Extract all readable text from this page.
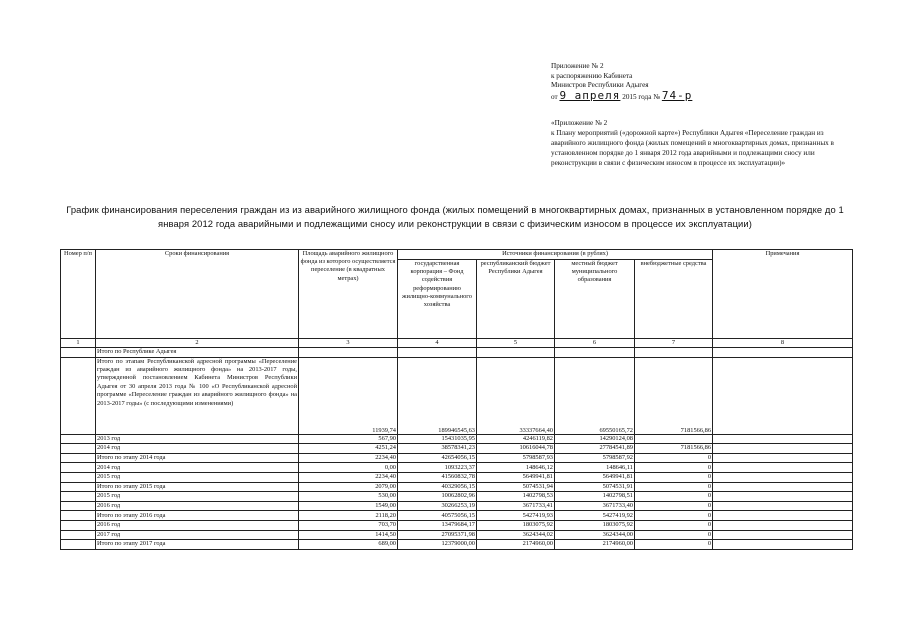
Приложение № 2
к распоряжению Кабинета
Министров Республики Адыгея
от 9 апреля 2015 года № 74-р
«Приложение № 2
к Плану мероприятий («дорожной карте») Республики Адыгея «Переселение граждан из аварийного жилищного фонда (жилых помещений в многоквартирных домах, признанных в установленном порядке до 1 января 2012 года аварийными и подлежащими сносу или реконструкции в связи с физическим износом в процессе их эксплуатации)»
График финансирования переселения граждан из из аварийного жилищного фонда (жилых помещений в многоквартирных домах, признанных в установленном порядке до 1 января 2012 года аварийными и подлежащими сносу или реконструкции в связи с физическим износом в процессе их эксплуатации)
Номер п/п	Сроки финансирования	Площадь аварийного жилищного фонда из которого осуществляется переселение (в квадратных метрах)	Источники финансирования (в рублях)				Примечания
			государственная корпорация – Фонд содействия реформированию жилищно-коммунального хозяйства	республиканский бюджет Республики Адыгея	местный бюджет муниципального образования	внебюджетные средства	
1	2	3	4	5	6	7	8
	Итого по Республике Адыгея						
	Итого по этапам Республиканской адресной программы «Переселение граждан из аварийного жилищного фонда» на 2013-2017 годы, утвержденной постановлением Кабинета Министров Республики Адыгея от 30 апреля 2013 года № 100 «О Республиканской адресной программе «Переселение граждан из аварийного жилищного фонда» на 2013-2017 годы» (с последующими изменениями)	11939,74	189946545,63	33337664,40	69550165,72	7181566,86	
	2013 год	567,90	15431035,95	4246119,82	14290124,08		
	2014 год	4251,24	38578341,23	10616044,78	27784541,89	7181566,86	
	Итого по этапу 2014 года	2234,40	42654056,15	5798587,93	5798587,92	0	
	2014 год	0,00	1093223,37	148646,12	148646,11	0	
	2015 год	2234,40	41560832,78	5649941,81	5649941,81	0	
	Итого по этапу 2015 года	2079,00	40329056,15	5074531,94	5074531,91	0	
	2015 год	530,00	10062802,96	1402798,53	1402798,51	0	
	2016 год	1549,00	30266253,19	3671733,41	3671733,40	0	
	Итого по этапу 2016 года	2118,20	40575056,15	5427419,93	5427419,92	0	
	2016 год	703,70	13479684,17	1803075,92	1803075,92	0	
	2017 год	1414,50	27095371,98	3624344,02	3624344,00	0	
	Итого по этапу 2017 года	689,00	12379000,00	2174960,00	2174960,00	0	
